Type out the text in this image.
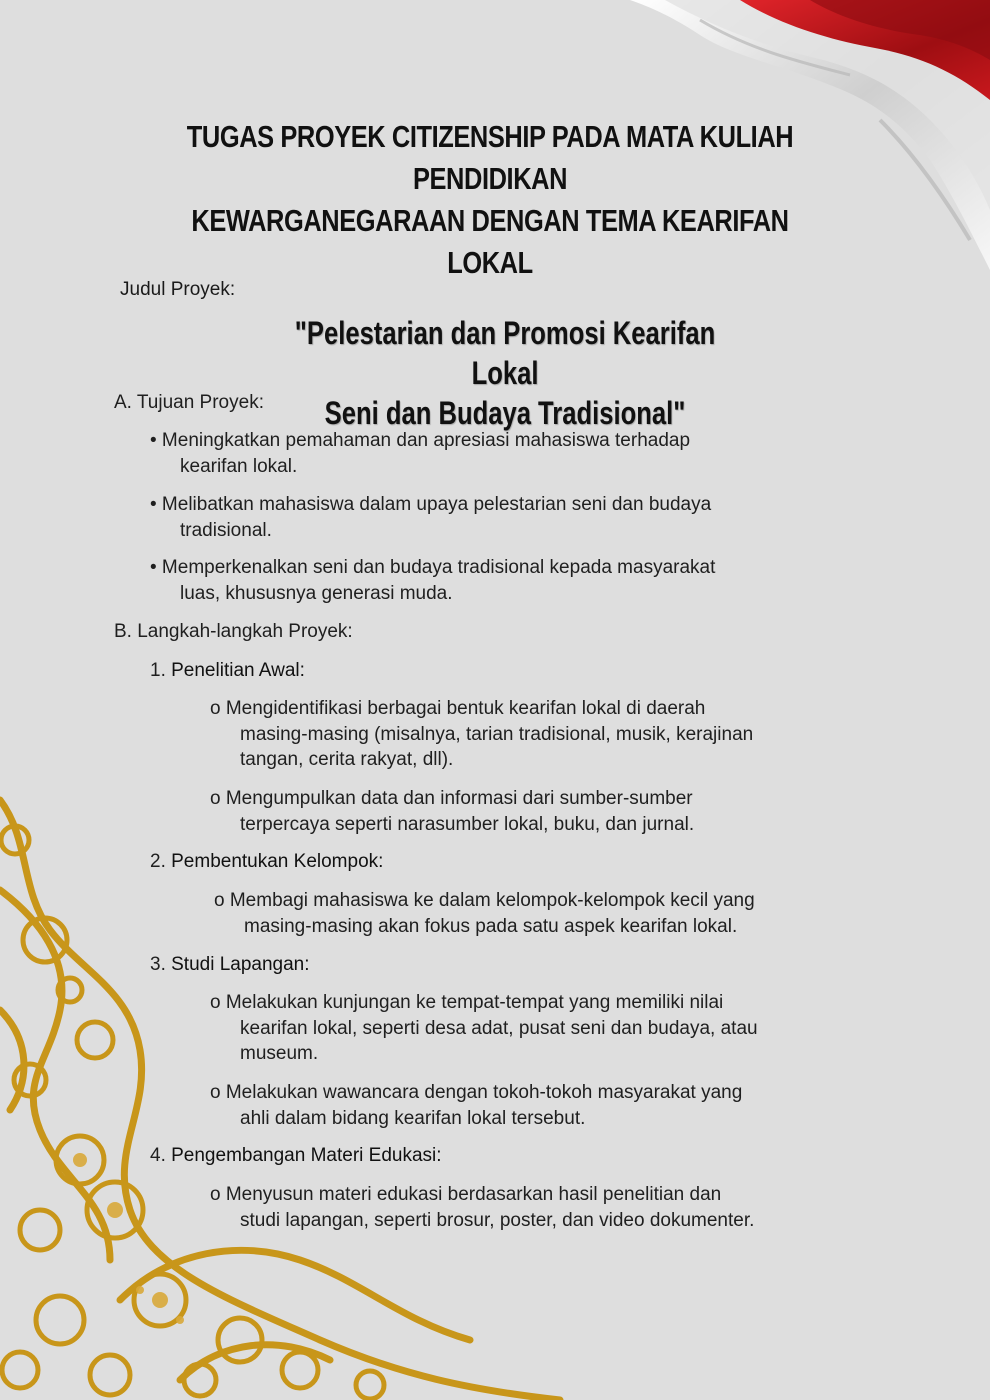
TUGAS PROYEK CITIZENSHIP PADA MATA KULIAH PENDIDIKAN
KEWARGANEGARAAN DENGAN TEMA KEARIFAN LOKAL
Judul Proyek:
"Pelestarian dan Promosi Kearifan Lokal
Seni dan Budaya Tradisional"
A. Tujuan Proyek:
• Meningkatkan pemahaman dan apresiasi mahasiswa terhadap
kearifan lokal.
• Melibatkan mahasiswa dalam upaya pelestarian seni dan budaya
tradisional.
• Memperkenalkan seni dan budaya tradisional kepada masyarakat
luas, khususnya generasi muda.
B. Langkah-langkah Proyek:
1. Penelitian Awal:
o Mengidentifikasi berbagai bentuk kearifan lokal di daerah
masing-masing (misalnya, tarian tradisional, musik, kerajinan
tangan, cerita rakyat, dll).
o Mengumpulkan data dan informasi dari sumber-sumber
terpercaya seperti narasumber lokal, buku, dan jurnal.
2. Pembentukan Kelompok:
o Membagi mahasiswa ke dalam kelompok-kelompok kecil yang
masing-masing akan fokus pada satu aspek kearifan lokal.
3. Studi Lapangan:
o Melakukan kunjungan ke tempat-tempat yang memiliki nilai
kearifan lokal, seperti desa adat, pusat seni dan budaya, atau
museum.
o Melakukan wawancara dengan tokoh-tokoh masyarakat yang
ahli dalam bidang kearifan lokal tersebut.
4. Pengembangan Materi Edukasi:
o Menyusun materi edukasi berdasarkan hasil penelitian dan
studi lapangan, seperti brosur, poster, dan video dokumenter.
